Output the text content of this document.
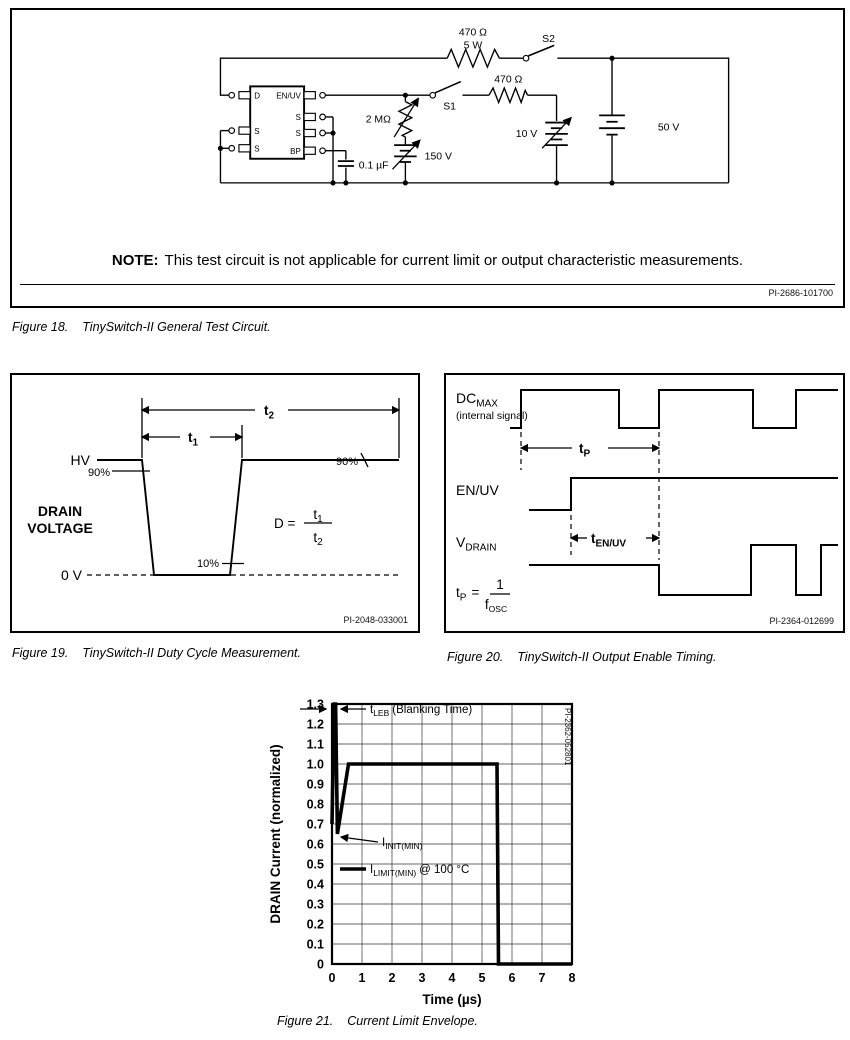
D
S
S
EN/UV
S
S
BP
470 Ω
5 W
S2
470 Ω
S1
2 MΩ
150 V
10 V
50 V
0.1 µF
NOTE: This test circuit is not applicable for current limit or output characteristic measurements.
PI-2686-101700
Figure 18. TinySwitch-II General Test Circuit.
$t_2$
$t_1$
HV
90%
90%
10%
0 V
DRAIN
VOLTAGE	D =
$t_1$
$t_2$
PI-2048-033001
Figure 19. TinySwitch-II Duty Cycle Measurement.
$t_P$
$t_{EN/UV}$
$DC_{MAX}$
(internal signal)
EN/UV
$V_{DRAIN}$
$t_P$ =
1
$f_{OSC}$
PI-2364-012699
Figure 20. TinySwitch-II Output Enable Timing.
0 1 2 3 4 5 6 7 8
0
0.1
0.2
0.3
0.4
0.5
0.6
0.7
0.8
0.9
1.0
1.1
1.2
1.3	$t_{LEB}$ (Blanking Time)
$I_{INIT(MIN)}$
$I_{LIMIT(MIN)}$ @ 100 °C
PI-2362-052801
DRAIN Current (normalized)
Time (µs)
Figure 21. Current Limit Envelope.
